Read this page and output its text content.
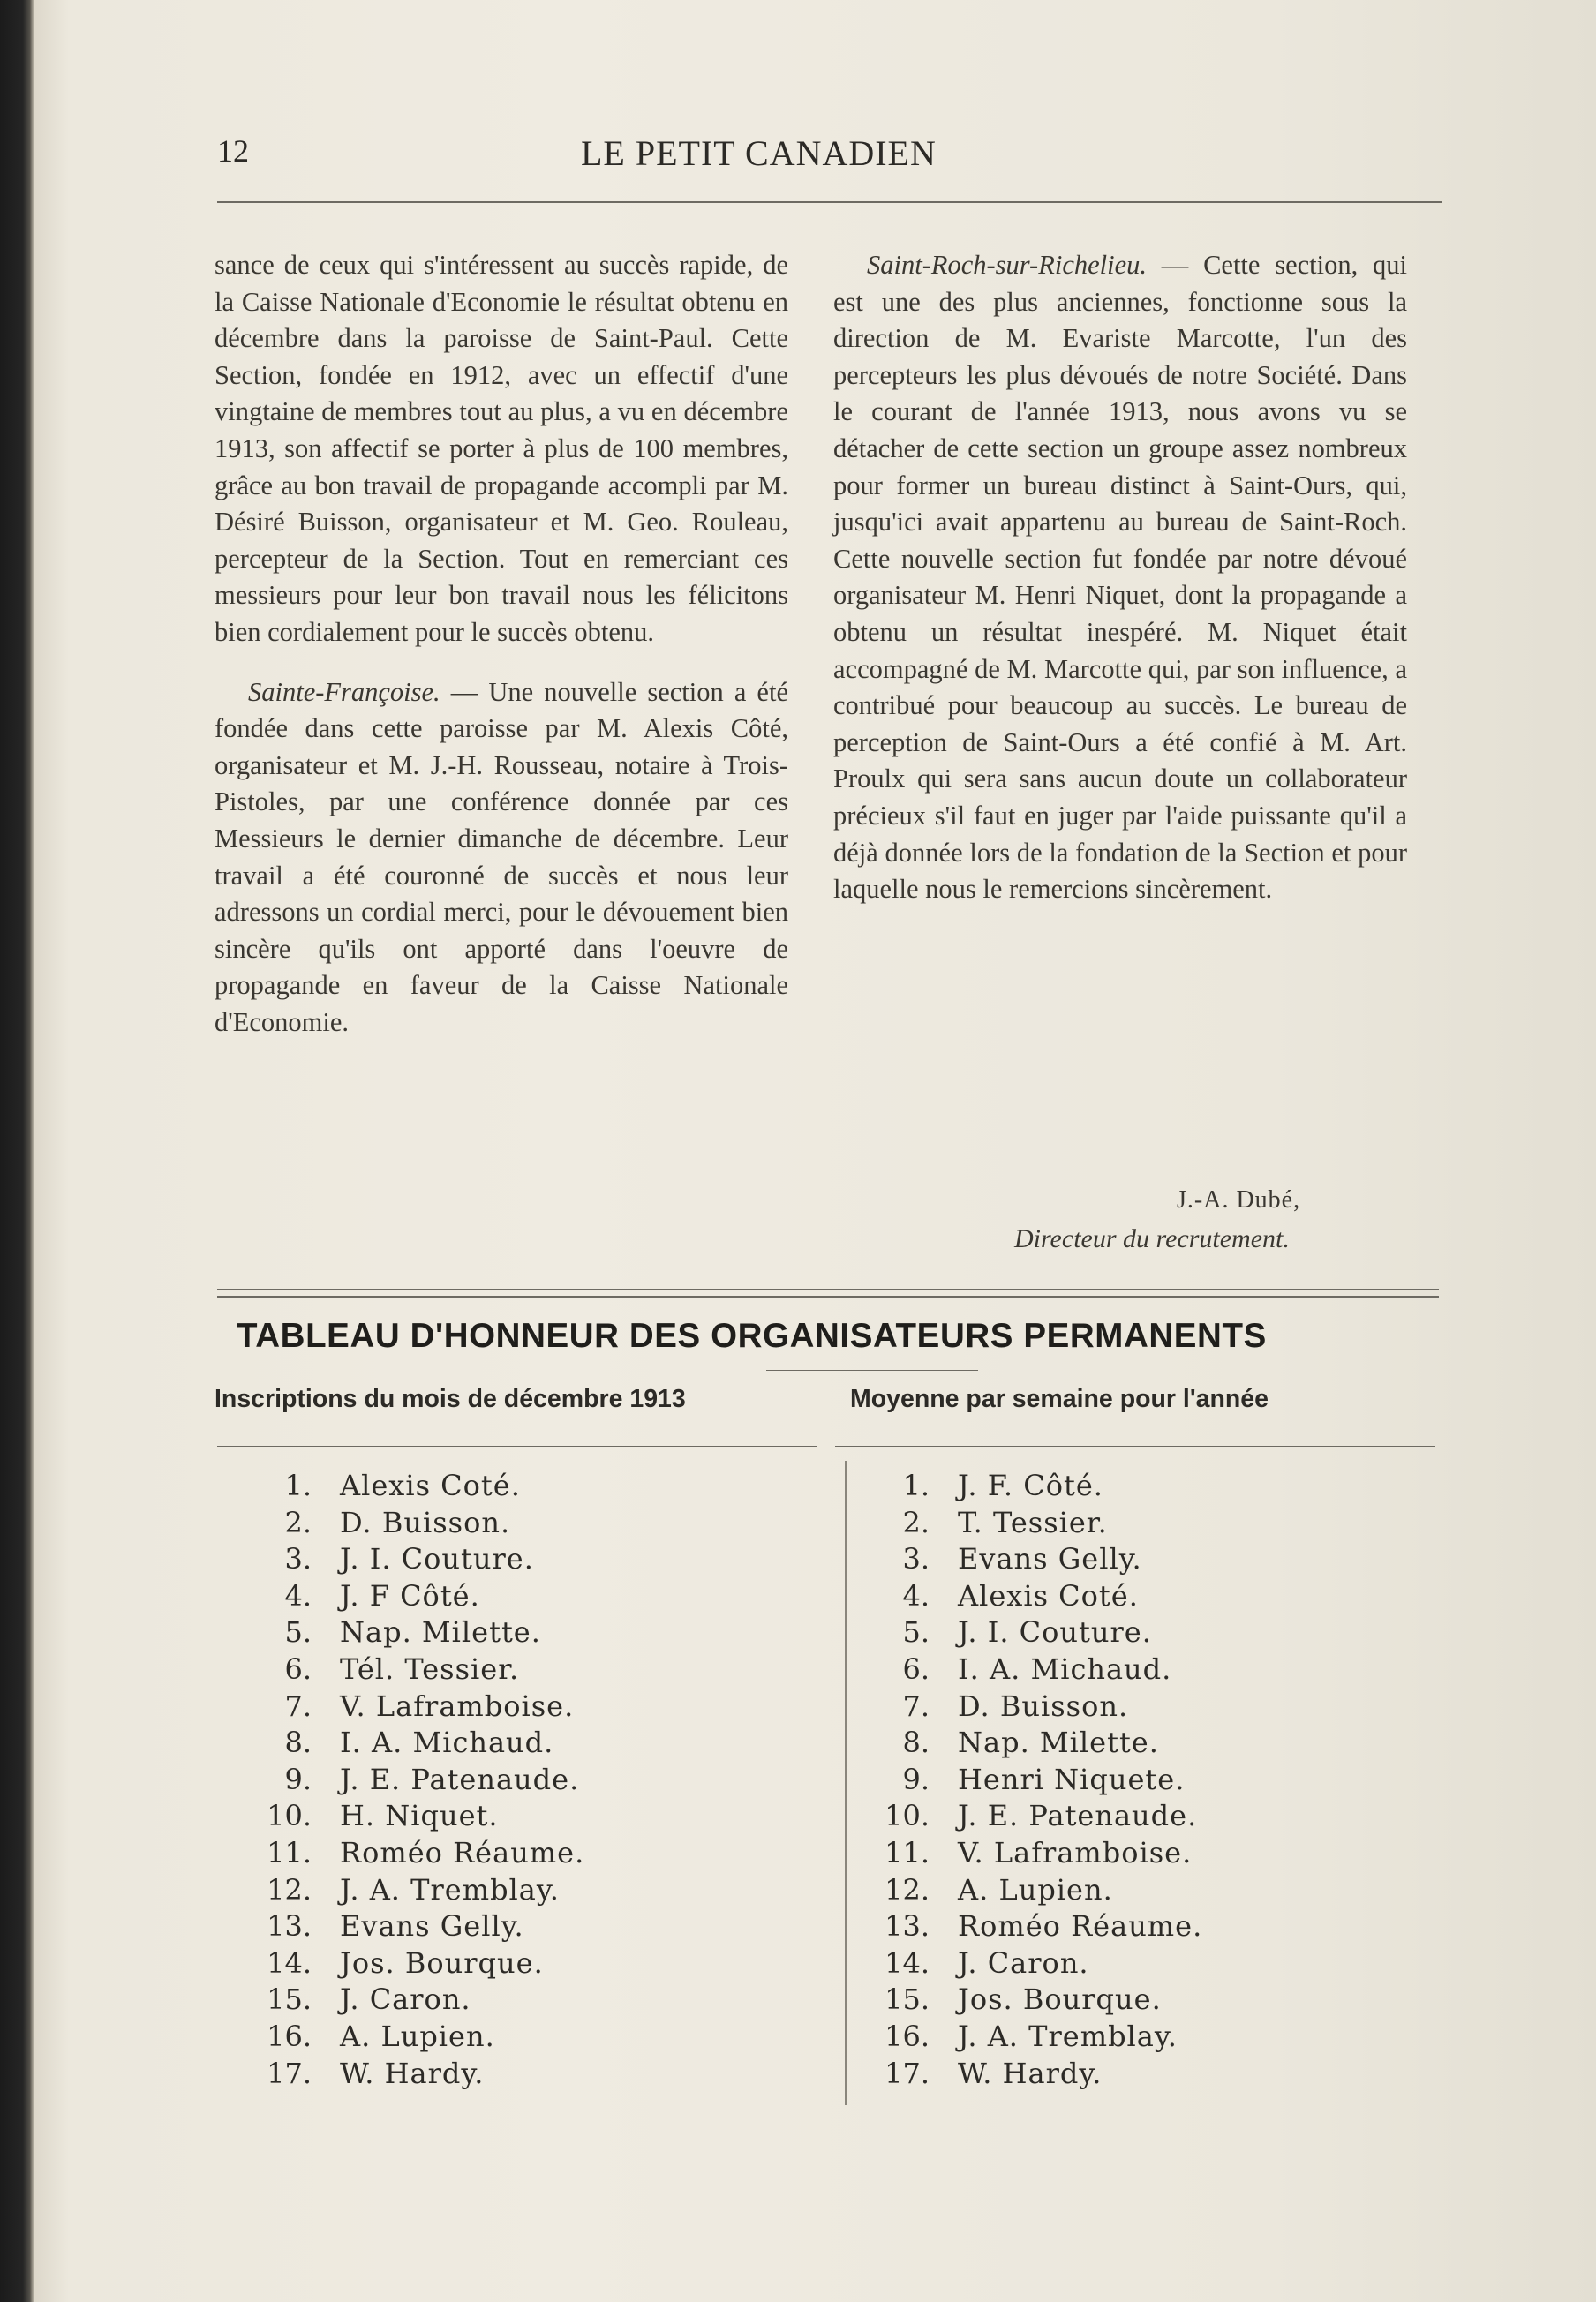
12	LE PETIT CANADIEN

sance de ceux qui s'intéressent au succès rapide, de la Caisse Nationale d'Economie le résultat obtenu en décembre dans la paroisse de Saint-Paul. Cette Section, fondée en 1912, avec un effectif d'une vingtaine de membres tout au plus, a vu en décembre 1913, son affectif se porter à plus de 100 membres, grâce au bon travail de propagande accompli par M. Désiré Buisson, organisateur et M. Geo. Rouleau, percepteur de la Section. Tout en remerciant ces messieurs pour leur bon travail nous les félicitons bien cordialement pour le succès obtenu.

Sainte-Françoise. — Une nouvelle section a été fondée dans cette paroisse par M. Alexis Côté, organisateur et M. J.-H. Rousseau, notaire à Trois-Pistoles, par une conférence donnée par ces Messieurs le dernier dimanche de décembre. Leur travail a été couronné de succès et nous leur adressons un cordial merci, pour le dévouement bien sincère qu'ils ont apporté dans l'oeuvre de propagande en faveur de la Caisse Nationale d'Economie.

Saint-Roch-sur-Richelieu. — Cette section, qui est une des plus anciennes, fonctionne sous la direction de M. Evariste Marcotte, l'un des percepteurs les plus dévoués de notre Société. Dans le courant de l'année 1913, nous avons vu se détacher de cette section un groupe assez nombreux pour former un bureau distinct à Saint-Ours, qui, jusqu'ici avait appartenu au bureau de Saint-Roch. Cette nouvelle section fut fondée par notre dévoué organisateur M. Henri Niquet, dont la propagande a obtenu un résultat inespéré. M. Niquet était accompagné de M. Marcotte qui, par son influence, a contribué pour beaucoup au succès. Le bureau de perception de Saint-Ours a été confié à M. Art. Proulx qui sera sans aucun doute un collaborateur précieux s'il faut en juger par l'aide puissante qu'il a déjà donnée lors de la fondation de la Section et pour laquelle nous le remercions sincèrement.

J.-A. Dubé,
Directeur du recrutement.
TABLEAU D'HONNEUR DES ORGANISATEURS PERMANENTS
Inscriptions du mois de décembre 1913	Moyenne par semaine pour l'année
1. Alexis Coté.
2. D. Buisson.
3. J. I. Couture.
4. J. F Côté.
5. Nap. Milette.
6. Tél. Tessier.
7. V. Laframboise.
8. I. A. Michaud.
9. J. E. Patenaude.
10. H. Niquet.
11. Roméo Réaume.
12. J. A. Tremblay.
13. Evans Gelly.
14. Jos. Bourque.
15. J. Caron.
16. A. Lupien.
17. W. Hardy.
1. J. F. Côté.
2. T. Tessier.
3. Evans Gelly.
4. Alexis Coté.
5. J. I. Couture.
6. I. A. Michaud.
7. D. Buisson.
8. Nap. Milette.
9. Henri Niquete.
10. J. E. Patenaude.
11. V. Laframboise.
12. A. Lupien.
13. Roméo Réaume.
14. J. Caron.
15. Jos. Bourque.
16. J. A. Tremblay.
17. W. Hardy.
